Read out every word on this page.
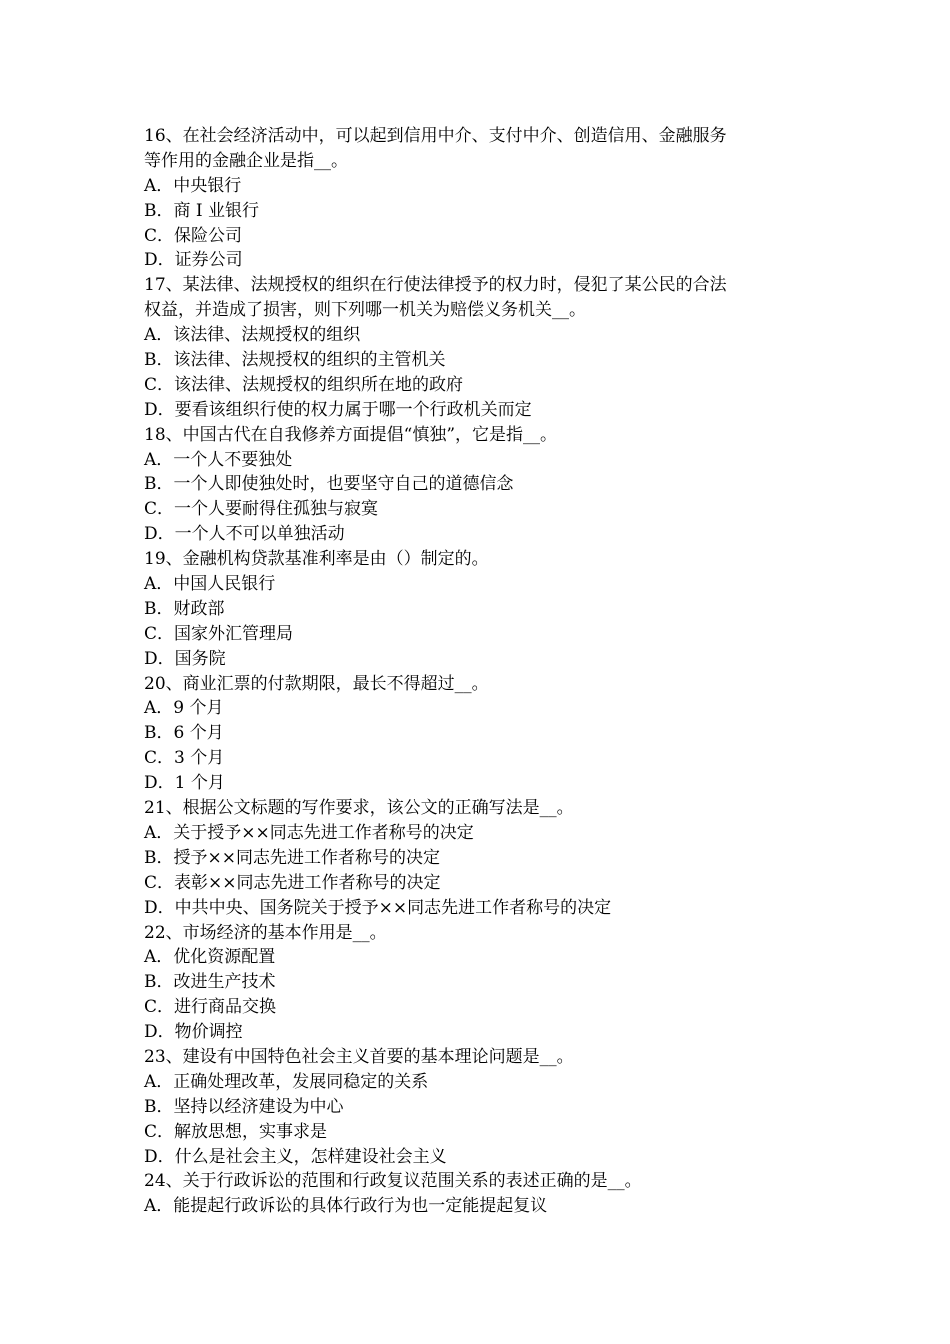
16、在社会经济活动中，可以起到信用中介、支付中介、创造信用、金融服务
等作用的金融企业是指__。
A．中央银行
B．商 I 业银行
C．保险公司
D．证券公司
17、某法律、法规授权的组织在行使法律授予的权力时，侵犯了某公民的合法
权益，并造成了损害，则下列哪一机关为赔偿义务机关__。
A．该法律、法规授权的组织
B．该法律、法规授权的组织的主管机关
C．该法律、法规授权的组织所在地的政府
D．要看该组织行使的权力属于哪一个行政机关而定
18、中国古代在自我修养方面提倡“慎独”，它是指__。
A．一个人不要独处
B．一个人即使独处时，也要坚守自己的道德信念
C．一个人要耐得住孤独与寂寞
D．一个人不可以单独活动
19、金融机构贷款基准利率是由（）制定的。
A．中国人民银行
B．财政部
C．国家外汇管理局
D．国务院
20、商业汇票的付款期限，最长不得超过__。
A．9 个月
B．6 个月
C．3 个月
D．1 个月
21、根据公文标题的写作要求，该公文的正确写法是__。
A．关于授予××同志先进工作者称号的决定
B．授予××同志先进工作者称号的决定
C．表彰××同志先进工作者称号的决定
D．中共中央、国务院关于授予××同志先进工作者称号的决定
22、市场经济的基本作用是__。
A．优化资源配置
B．改进生产技术
C．进行商品交换
D．物价调控
23、建设有中国特色社会主义首要的基本理论问题是__。
A．正确处理改革，发展同稳定的关系
B．坚持以经济建设为中心
C．解放思想，实事求是
D．什么是社会主义，怎样建设社会主义
24、关于行政诉讼的范围和行政复议范围关系的表述正确的是__。
A．能提起行政诉讼的具体行政行为也一定能提起复议
